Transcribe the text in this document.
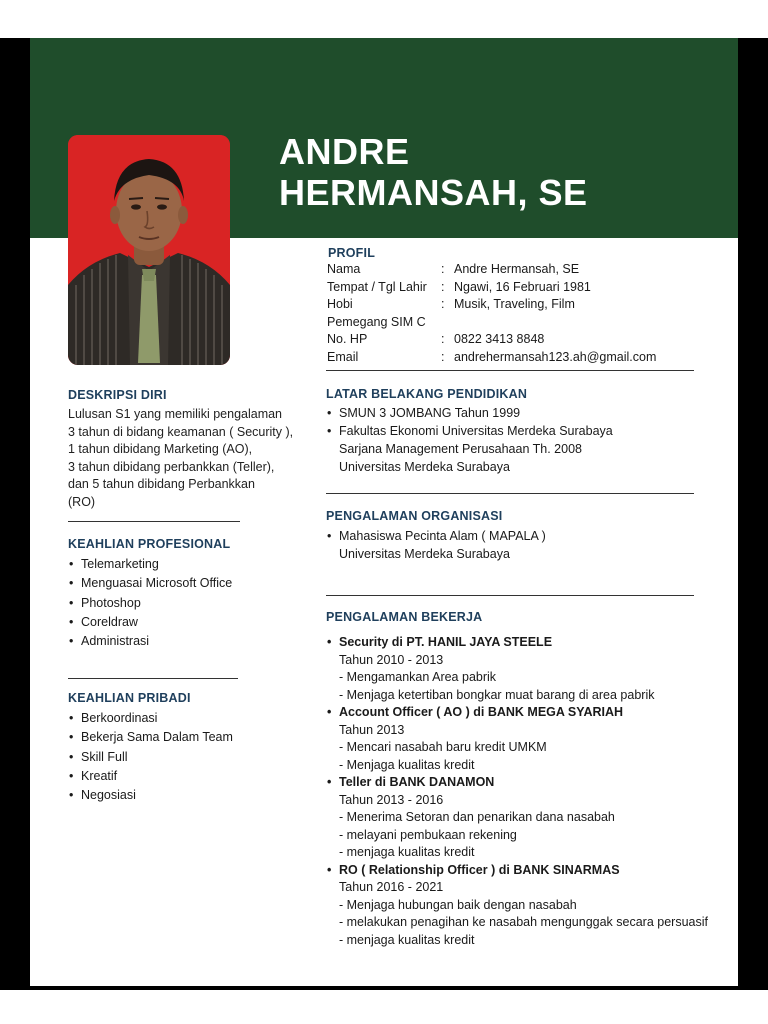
ANDRE
HERMANSAH, SE
PROFIL
Nama	: Andre Hermansah, SE
Tempat / Tgl Lahir : Ngawi, 16 Februari 1981
Hobi	: Musik, Traveling, Film
Pemegang SIM C
No. HP	: 0822 3413 8848
Email	: andrehermansah123.ah@gmail.com
DESKRIPSI DIRI
Lulusan S1 yang memiliki pengalaman
3 tahun di bidang keamanan ( Security ),
1 tahun dibidang Marketing (AO),
3 tahun dibidang perbankkan (Teller),
dan 5 tahun dibidang Perbankkan
(RO)
KEAHLIAN PROFESIONAL
• Telemarketing
• Menguasai Microsoft Office
• Photoshop
• Coreldraw
• Administrasi
KEAHLIAN PRIBADI
• Berkoordinasi
• Bekerja Sama Dalam Team
• Skill Full
• Kreatif
• Negosiasi
LATAR BELAKANG PENDIDIKAN
• SMUN 3 JOMBANG Tahun 1999
• Fakultas Ekonomi Universitas Merdeka Surabaya
Sarjana Management Perusahaan Th. 2008
Universitas Merdeka Surabaya
PENGALAMAN ORGANISASI
• Mahasiswa Pecinta Alam ( MAPALA )
Universitas Merdeka Surabaya
PENGALAMAN BEKERJA
• Security di PT. HANIL JAYA STEELE
Tahun 2010 - 2013
- Mengamankan Area pabrik
- Menjaga ketertiban bongkar muat barang di area pabrik
• Account Officer ( AO ) di BANK MEGA SYARIAH
Tahun 2013
- Mencari nasabah baru kredit UMKM
- Menjaga kualitas kredit
• Teller di BANK DANAMON
Tahun 2013 - 2016
- Menerima Setoran dan penarikan dana nasabah
- melayani pembukaan rekening
- menjaga kualitas kredit
• RO ( Relationship Officer ) di BANK SINARMAS
Tahun 2016 - 2021
- Menjaga hubungan baik dengan nasabah
- melakukan penagihan ke nasabah mengunggak secara persuasif
- menjaga kualitas kredit
